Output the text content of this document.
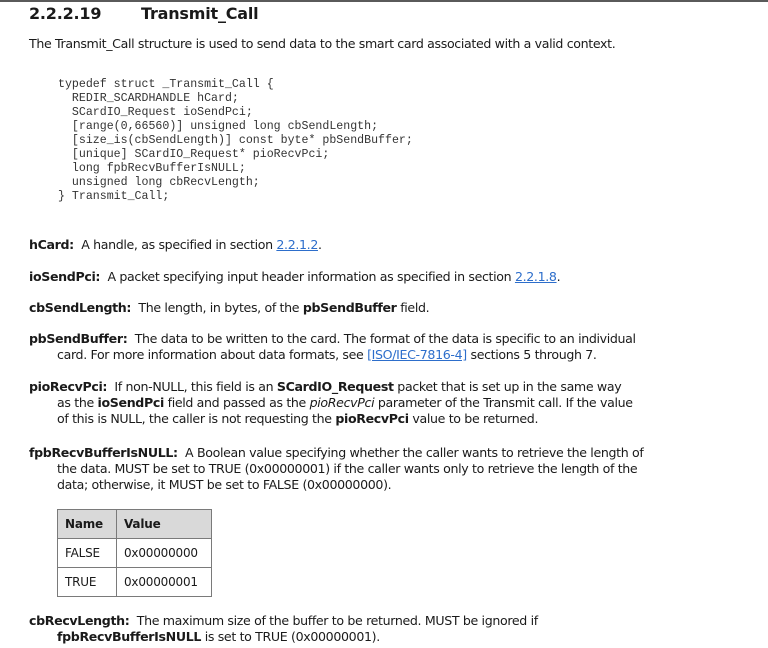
2.2.2.19 Transmit_Call
The Transmit_Call structure is used to send data to the smart card associated with a valid context.
typedef struct _Transmit_Call {
REDIR_SCARDHANDLE hCard;
SCardIO_Request ioSendPci;
[range(0,66560)] unsigned long cbSendLength;
[size_is(cbSendLength)] const byte* pbSendBuffer;
[unique] SCardIO_Request* pioRecvPci;
long fpbRecvBufferIsNULL;
unsigned long cbRecvLength;
} Transmit_Call;
hCard: A handle, as specified in section 2.2.1.2.
ioSendPci: A packet specifying input header information as specified in section 2.2.1.8.
cbSendLength: The length, in bytes, of the pbSendBuffer field.
pbSendBuffer: The data to be written to the card. The format of the data is specific to an individual
card. For more information about data formats, see [ISO/IEC-7816-4] sections 5 through 7.
pioRecvPci: If non-NULL, this field is an SCardIO_Request packet that is set up in the same way
as the ioSendPci field and passed as the pioRecvPci parameter of the Transmit call. If the value
of this is NULL, the caller is not requesting the pioRecvPci value to be returned.
fpbRecvBufferIsNULL: A Boolean value specifying whether the caller wants to retrieve the length of
the data. MUST be set to TRUE (0x00000001) if the caller wants only to retrieve the length of the
data; otherwise, it MUST be set to FALSE (0x00000000).
Name	Value
FALSE	0x00000000
TRUE	0x00000001
cbRecvLength: The maximum size of the buffer to be returned. MUST be ignored if
fpbRecvBufferIsNULL is set to TRUE (0x00000001).
